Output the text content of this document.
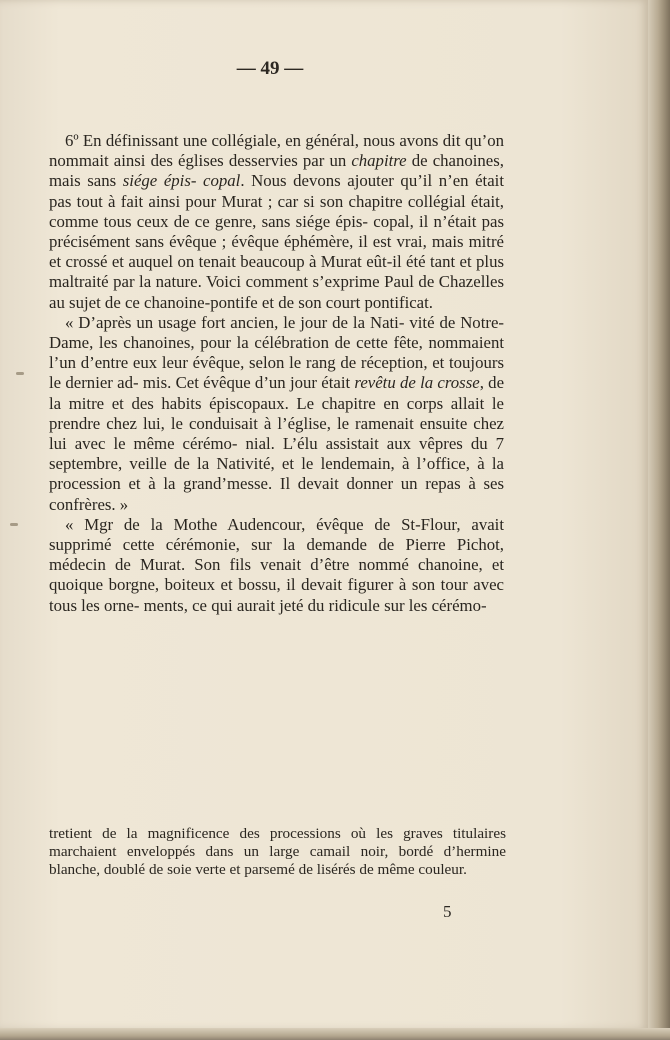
— 49 —

6º En définissant une collégiale, en général, nous avons dit qu’on nommait ainsi des églises desservies par un chapitre de chanoines, mais sans siége épis- copal. Nous devons ajouter qu’il n’en était pas tout à fait ainsi pour Murat ; car si son chapitre collégial était, comme tous ceux de ce genre, sans siége épis- copal, il n’était pas précisément sans évêque ; évêque éphémère, il est vrai, mais mitré et crossé et auquel on tenait beaucoup à Murat eût-il été tant et plus maltraité par la nature. Voici comment s’exprime Paul de Chazelles au sujet de ce chanoine-pontife et de son court pontificat.

« D’après un usage fort ancien, le jour de la Nati- vité de Notre-Dame, les chanoines, pour la célébration de cette fête, nommaient l’un d’entre eux leur évêque, selon le rang de réception, et toujours le dernier ad- mis. Cet évêque d’un jour était revêtu de la crosse, de la mitre et des habits épiscopaux. Le chapitre en corps allait le prendre chez lui, le conduisait à l’église, le ramenait ensuite chez lui avec le même cérémo- nial. L’élu assistait aux vêpres du 7 septembre, veille de la Nativité, et le lendemain, à l’office, à la procession et à la grand’messe. Il devait donner un repas à ses confrères. »

« Mgr de la Mothe Audencour, évêque de St-Flour, avait supprimé cette cérémonie, sur la demande de Pierre Pichot, médecin de Murat. Son fils venait d’être nommé chanoine, et quoique borgne, boiteux et bossu, il devait figurer à son tour avec tous les orne- ments, ce qui aurait jeté du ridicule sur les cérémo-

tretient de la magnificence des processions où les graves titulaires marchaient enveloppés dans un large camail noir, bordé d’hermine blanche, doublé de soie verte et parsemé de lisérés de même couleur.
5
